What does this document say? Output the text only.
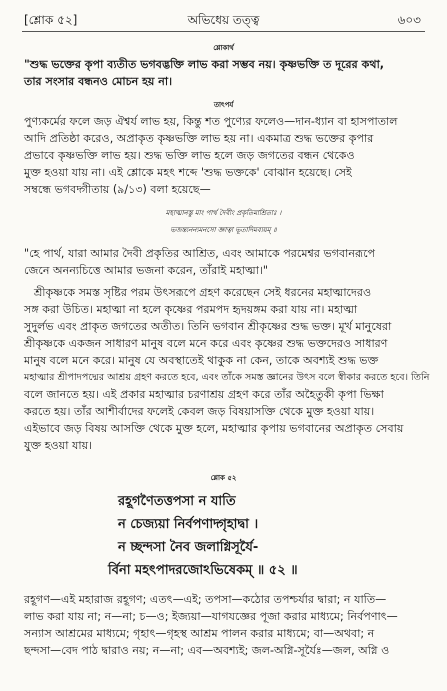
[শ্লোক ৫২]	অভিধেয় তত্ত্ব	৬০৩
শ্লোকার্থ
"শুদ্ধ ভক্তের কৃপা ব্যতীত ভগবদ্ভক্তি লাভ করা সম্ভব নয়। কৃষ্ণভক্তি ত দূরের কথা,
তার সংসার বন্ধনও মোচন হয় না।
তাৎপর্য
পুণ্যকর্মের ফলে জড় ঐশ্বর্য লাভ হয়, কিন্তু শত পুণ্যের ফলেও—দান-ধ্যান বা হাসপাতাল
আদি প্রতিষ্ঠা করেও, অপ্রাকৃত কৃষ্ণভক্তি লাভ হয় না। একমাত্র শুদ্ধ ভক্তের কৃপার
প্রভাবে কৃষ্ণভক্তি লাভ হয়। শুদ্ধ ভক্তি লাভ হলে জড় জগতের বন্ধন থেকেও
মুক্ত হওয়া যায় না। এই শ্লোকে মহৎ শব্দে 'শুদ্ধ ভক্তকে' বোঝান হয়েছে। সেই
সম্বন্ধে ভগবদ্গীতায় (৯/১৩) বলা হয়েছে—
মহাত্মানস্তু মাং পার্থ দৈবীং প্রকৃতিমাশ্রিতাঃ ।
ভজন্ত্যনন্যমনসো জ্ঞাত্বা ভূতাদিমব্যয়ম্ ॥
"হে পার্থ, যারা আমার দৈবী প্রকৃতির আশ্রিত, এবং আমাকে পরমেশ্বর ভগবানরূপে
জেনে অনন্যচিত্তে আমার ভজনা করেন, তাঁরাই মহাত্মা।"
শ্রীকৃষ্ণকে সমস্ত সৃষ্টির পরম উৎসরূপে গ্রহণ করেছেন সেই ধরনের মহাত্মাদেরও
সঙ্গ করা উচিত। মহাত্মা না হলে কৃষ্ণের পরমপদ হৃদয়ঙ্গম করা যায় না। মহাত্মা
সুদুর্লভ এবং প্রাকৃত জগতের অতীত। তিনি ভগবান শ্রীকৃষ্ণের শুদ্ধ ভক্ত। মূর্খ মানুষেরা
শ্রীকৃষ্ণকে একজন সাধারণ মানুষ বলে মনে করে এবং কৃষ্ণের শুদ্ধ ভক্তদেরও সাধারণ
মানুষ বলে মনে করে। মানুষ যে অবস্থাতেই থাকুক না কেন, তাকে অবশ্যই শুদ্ধ ভক্ত
মহাত্মার শ্রীপাদপদ্মের আশ্রয় গ্রহণ করতে হবে, এবং তাঁকে সমস্ত জ্ঞানের উৎস বলে স্বীকার করতে হবে। তিনি
বলে জানতে হয়। এই প্রকার মহাত্মার চরণাশ্রয় গ্রহণ করে তাঁর অহৈতুকী কৃপা ভিক্ষা
করতে হয়। তাঁর আশীর্বাদের ফলেই কেবল জড় বিষয়াসক্তি থেকে মুক্ত হওয়া যায়।
এইভাবে জড় বিষয় আসক্তি থেকে মুক্ত হলে, মহাত্মার কৃপায় ভগবানের অপ্রাকৃত সেবায়
যুক্ত হওয়া যায়।
শ্লোক ৫২
রহূগণৈতত্তপসা ন যাতি
ন চেজ্যয়া নির্বপণাদ্গৃহাদ্বা ।
ন চ্ছন্দসা নৈব জলাগ্নিসূর্যৈ-
র্বিনা মহৎপাদরজোঽভিষেকম্ ॥ ৫২ ॥
রহূগণ—এই মহারাজ রহূগণ; এতৎ—এই; তপসা—কঠোর তপশ্চর্যার দ্বারা; ন যাতি—
লাভ করা যায় না; ন—না; চ—ও; ইজ্যয়া—যাগযজ্ঞের পূজা করার মাধ্যমে; নির্বপণাৎ—
সন্যাস আশ্রমের মাধ্যমে; গৃহাৎ—গৃহস্থ আশ্রম পালন করার মাধ্যমে; বা—অথবা; ন
ছন্দসা—বেদ পাঠ দ্বারাও নয়; ন—না; এব—অবশ্যই; জল-অগ্নি-সূর্যৈঃ—জল, অগ্নি ও
